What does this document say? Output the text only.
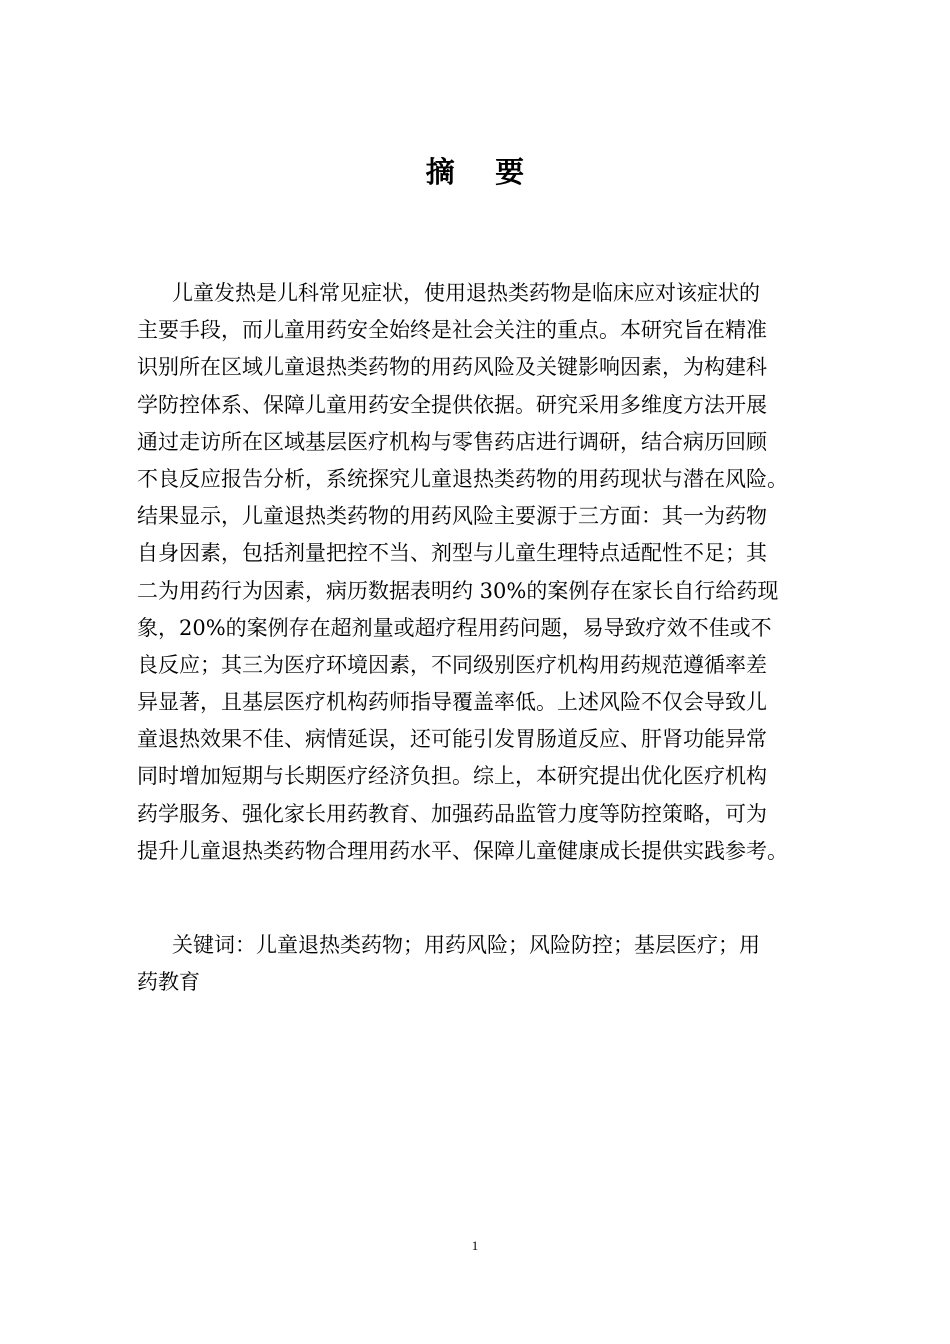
摘    要
儿童发热是儿科常见症状，使用退热类药物是临床应对该症状的
主要手段，而儿童用药安全始终是社会关注的重点。本研究旨在精准
识别所在区域儿童退热类药物的用药风险及关键影响因素，为构建科
学防控体系、保障儿童用药安全提供依据。研究采用多维度方法开展
通过走访所在区域基层医疗机构与零售药店进行调研，结合病历回顾
不良反应报告分析，系统探究儿童退热类药物的用药现状与潜在风险。
结果显示，儿童退热类药物的用药风险主要源于三方面：其一为药物
自身因素，包括剂量把控不当、剂型与儿童生理特点适配性不足；其
二为用药行为因素，病历数据表明约 30%的案例存在家长自行给药现
象，20%的案例存在超剂量或超疗程用药问题，易导致疗效不佳或不
良反应；其三为医疗环境因素，不同级别医疗机构用药规范遵循率差
异显著，且基层医疗机构药师指导覆盖率低。上述风险不仅会导致儿
童退热效果不佳、病情延误，还可能引发胃肠道反应、肝肾功能异常
同时增加短期与长期医疗经济负担。综上，本研究提出优化医疗机构
药学服务、强化家长用药教育、加强药品监管力度等防控策略，可为
提升儿童退热类药物合理用药水平、保障儿童健康成长提供实践参考。
关键词：儿童退热类药物；用药风险；风险防控；基层医疗；用
药教育
1
